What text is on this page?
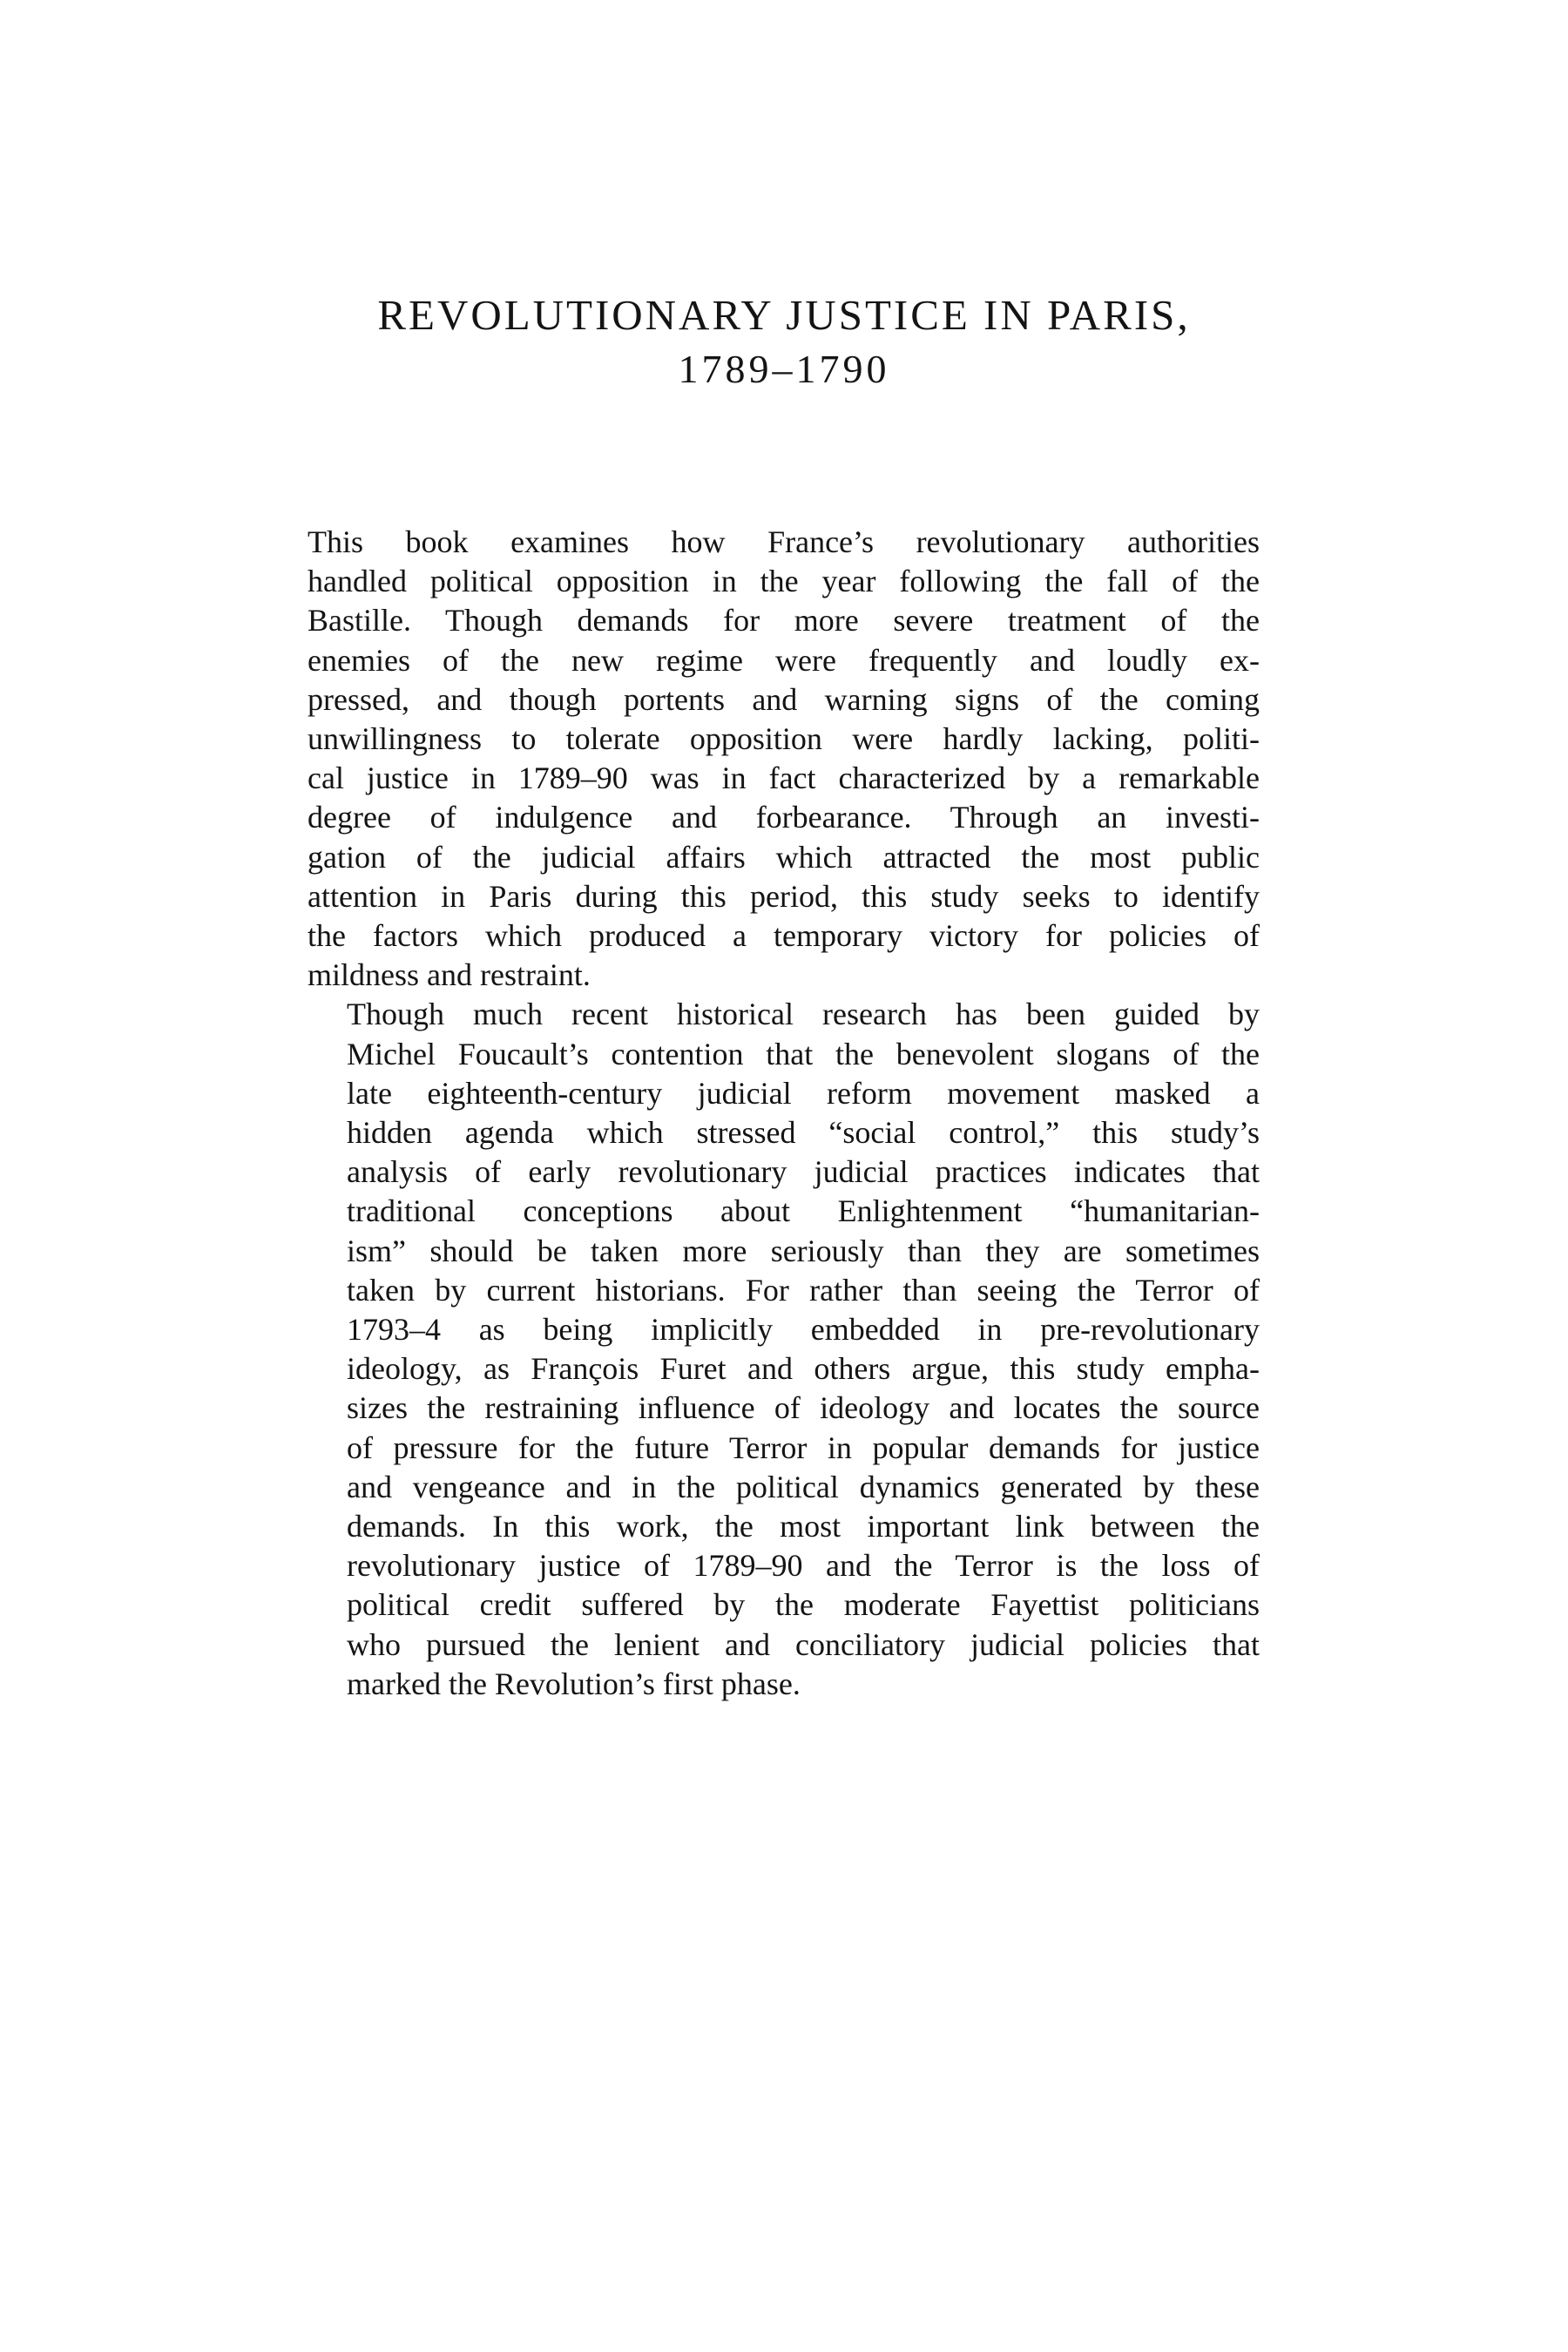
REVOLUTIONARY JUSTICE IN PARIS,
1789–1790

This book examines how France’s revolutionary authorities
handled political opposition in the year following the fall of the
Bastille. Though demands for more severe treatment of the
enemies of the new regime were frequently and loudly ex-
pressed, and though portents and warning signs of the coming
unwillingness to tolerate opposition were hardly lacking, politi-
cal justice in 1789–90 was in fact characterized by a remarkable
degree of indulgence and forbearance. Through an investi-
gation of the judicial affairs which attracted the most public
attention in Paris during this period, this study seeks to identify
the factors which produced a temporary victory for policies of
mildness and restraint.

Though much recent historical research has been guided by
Michel Foucault’s contention that the benevolent slogans of the
late eighteenth-century judicial reform movement masked a
hidden agenda which stressed “social control,” this study’s
analysis of early revolutionary judicial practices indicates that
traditional conceptions about Enlightenment “humanitarian-
ism” should be taken more seriously than they are sometimes
taken by current historians. For rather than seeing the Terror of
1793–4 as being implicitly embedded in pre-revolutionary
ideology, as François Furet and others argue, this study empha-
sizes the restraining influence of ideology and locates the source
of pressure for the future Terror in popular demands for justice
and vengeance and in the political dynamics generated by these
demands. In this work, the most important link between the
revolutionary justice of 1789–90 and the Terror is the loss of
political credit suffered by the moderate Fayettist politicians
who pursued the lenient and conciliatory judicial policies that
marked the Revolution’s first phase.
